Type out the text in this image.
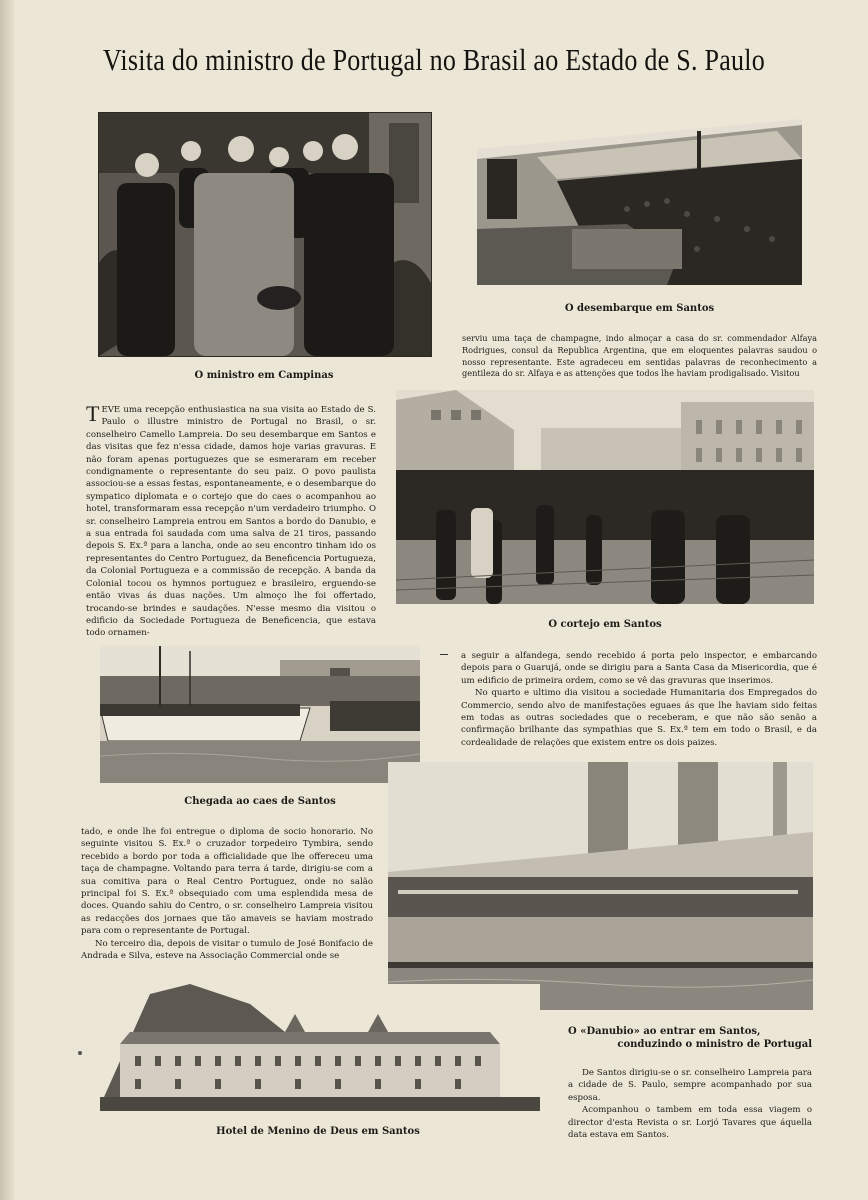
Visita do ministro de Portugal no Brasil ao Estado de S. Paulo
O ministro em Campinas
O desembarque em Santos

serviu uma taça de champagne, indo almoçar a casa do sr. commendador Alfaya Rodrigues, consul da Republica Argentina, que em eloquentes palavras saudou o nosso representante. Este agradeceu em sentidas palavras de reconhecimento a gentileza do sr. Alfaya e as attenções que todos lhe haviam prodigalisado. Visitou

TEVE uma recepção enthusiastica na sua visita ao Estado de S. Paulo o illustre ministro de Portugal no Brasil, o sr. conselheiro Camello Lampreia. Do seu desembarque em Santos e das visitas que fez n'essa cidade, damos hoje varias gravuras. E não foram apenas portuguezes que se esmeraram em receber condignamente o representante do seu paiz. O povo paulista associou-se a essas festas, espontaneamente, e o desembarque do sympatico diplomata e o cortejo que do caes o acompanhou ao hotel, transformaram essa recepção n'um verdadeiro triumpho. O sr. conselheiro Lampreia entrou em Santos a bordo do Danubio, e a sua entrada foi saudada com uma salva de 21 tiros, passando depois S. Ex.ª para a lancha, onde ao seu encontro tinham ido os representantes do Centro Portuguez, da Beneficencia Portugueza, da Colonial Portugueza e a commissão de recepção. A banda da Colonial tocou os hymnos portuguez e brasileiro, erguendo-se então vivas ás duas nações. Um almoço lhe foi offertado, trocando-se brindes e saudações. N'esse mesmo dia visitou o edificio da Sociedade Portugueza de Beneficencia, que estava todo ornamen-

O cortejo em Santos

a seguir a alfandega, sendo recebido á porta pelo inspector, e embarcando depois para o Guarujá, onde se dirigiu para a Santa Casa da Misericordia, que é um edificio de primeira ordem, como se vê das gravuras que inserimos.

No quarto e ultimo dia visitou a sociedade Humanitaria dos Empregados do Commercio, sendo alvo de manifestações eguaes ás que lhe haviam sido feitas em todas as outras sociedades que o receberam, e que não são senão a confirmação brilhante das sympathias que S. Ex.ª tem em todo o Brasil, e da cordealidade de relações que existem entre os dois paizes.

Chegada ao caes de Santos

tado, e onde lhe foi entregue o diploma de socio honorario. No seguinte visitou S. Ex.ª o cruzador torpedeiro Tymbira, sendo recebido a bordo por toda a officialidade que lhe offereceu uma taça de champagne. Voltando para terra á tarde, dirigiu-se com a sua comitiva para o Real Centro Portuguez, onde no salão principal foi S. Ex.ª obsequiado com uma esplendida mesa de doces. Quando sahiu do Centro, o sr. conselheiro Lampreia visitou as redacções dos jornaes que tão amaveis se haviam mostrado para com o representante de Portugal.

No terceiro dia, depois de visitar o tumulo de José Bonifacio de Andrada e Silva, esteve na Associação Commercial onde se

O «Danubio» ao entrar em Santos,
conduzindo o ministro de Portugal

De Santos dirigiu-se o sr. conselheiro Lampreia para a cidade de S. Paulo, sempre acompanhado por sua esposa.

Acompanhou o tambem em toda essa viagem o director d'esta Revista o sr. Lorjó Tavares que áquella data estava em Santos.

Hotel de Menino de Deus em Santos
